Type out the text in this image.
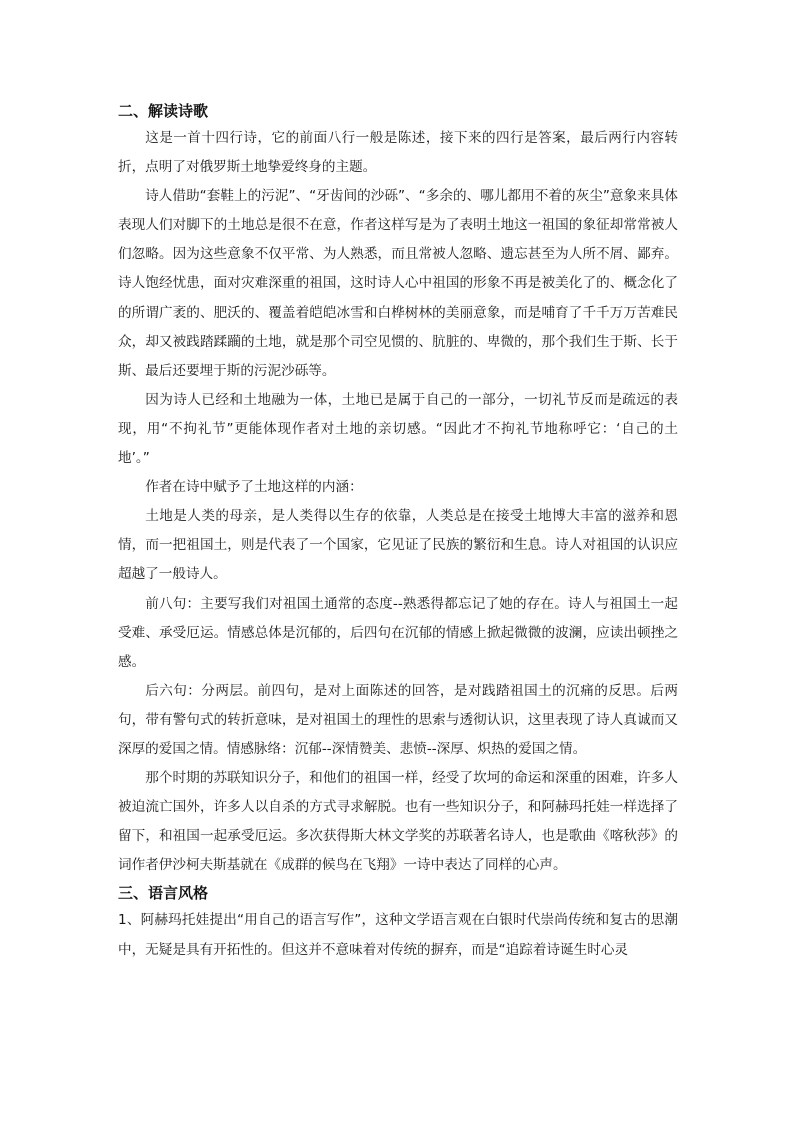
二、解读诗歌

这是一首十四行诗，它的前面八行一般是陈述，接下来的四行是答案，最后两行内容转折，点明了对俄罗斯土地挚爱终身的主题。

诗人借助“套鞋上的污泥”、“牙齿间的沙砾”、“多余的、哪儿都用不着的灰尘”意象来具体表现人们对脚下的土地总是很不在意，作者这样写是为了表明土地这一祖国的象征却常常被人们忽略。因为这些意象不仅平常、为人熟悉，而且常被人忽略、遗忘甚至为人所不屑、鄙弃。诗人饱经忧患，面对灾难深重的祖国，这时诗人心中祖国的形象不再是被美化了的、概念化了的所谓广袤的、肥沃的、覆盖着皑皑冰雪和白桦树林的美丽意象，而是哺育了千千万万苦难民众，却又被践踏蹂躏的土地，就是那个司空见惯的、肮脏的、卑微的，那个我们生于斯、长于斯、最后还要埋于斯的污泥沙砾等。

因为诗人已经和土地融为一体，土地已是属于自己的一部分，一切礼节反而是疏远的表现，用“不拘礼节”更能体现作者对土地的亲切感。“因此才不拘礼节地称呼它：‘自己的土地’。”

作者在诗中赋予了土地这样的内涵：

土地是人类的母亲，是人类得以生存的依靠，人类总是在接受土地博大丰富的滋养和恩情，而一把祖国土，则是代表了一个国家，它见证了民族的繁衍和生息。诗人对祖国的认识应超越了一般诗人。

前八句：主要写我们对祖国土通常的态度--熟悉得都忘记了她的存在。诗人与祖国土一起受难、承受厄运。情感总体是沉郁的，后四句在沉郁的情感上掀起微微的波澜，应读出顿挫之感。

后六句：分两层。前四句，是对上面陈述的回答，是对践踏祖国土的沉痛的反思。后两句，带有警句式的转折意味，是对祖国土的理性的思索与透彻认识，这里表现了诗人真诚而又深厚的爱国之情。情感脉络：沉郁--深情赞美、悲愤--深厚、炽热的爱国之情。

那个时期的苏联知识分子，和他们的祖国一样，经受了坎坷的命运和深重的困难，许多人被迫流亡国外，许多人以自杀的方式寻求解脱。也有一些知识分子，和阿赫玛托娃一样选择了留下，和祖国一起承受厄运。多次获得斯大林文学奖的苏联著名诗人，也是歌曲《喀秋莎》的词作者伊沙柯夫斯基就在《成群的候鸟在飞翔》一诗中表达了同样的心声。

三、语言风格

1、阿赫玛托娃提出“用自己的语言写作”，这种文学语言观在白银时代崇尚传统和复古的思潮中，无疑是具有开拓性的。但这并不意味着对传统的摒弃，而是“追踪着诗诞生时心灵
